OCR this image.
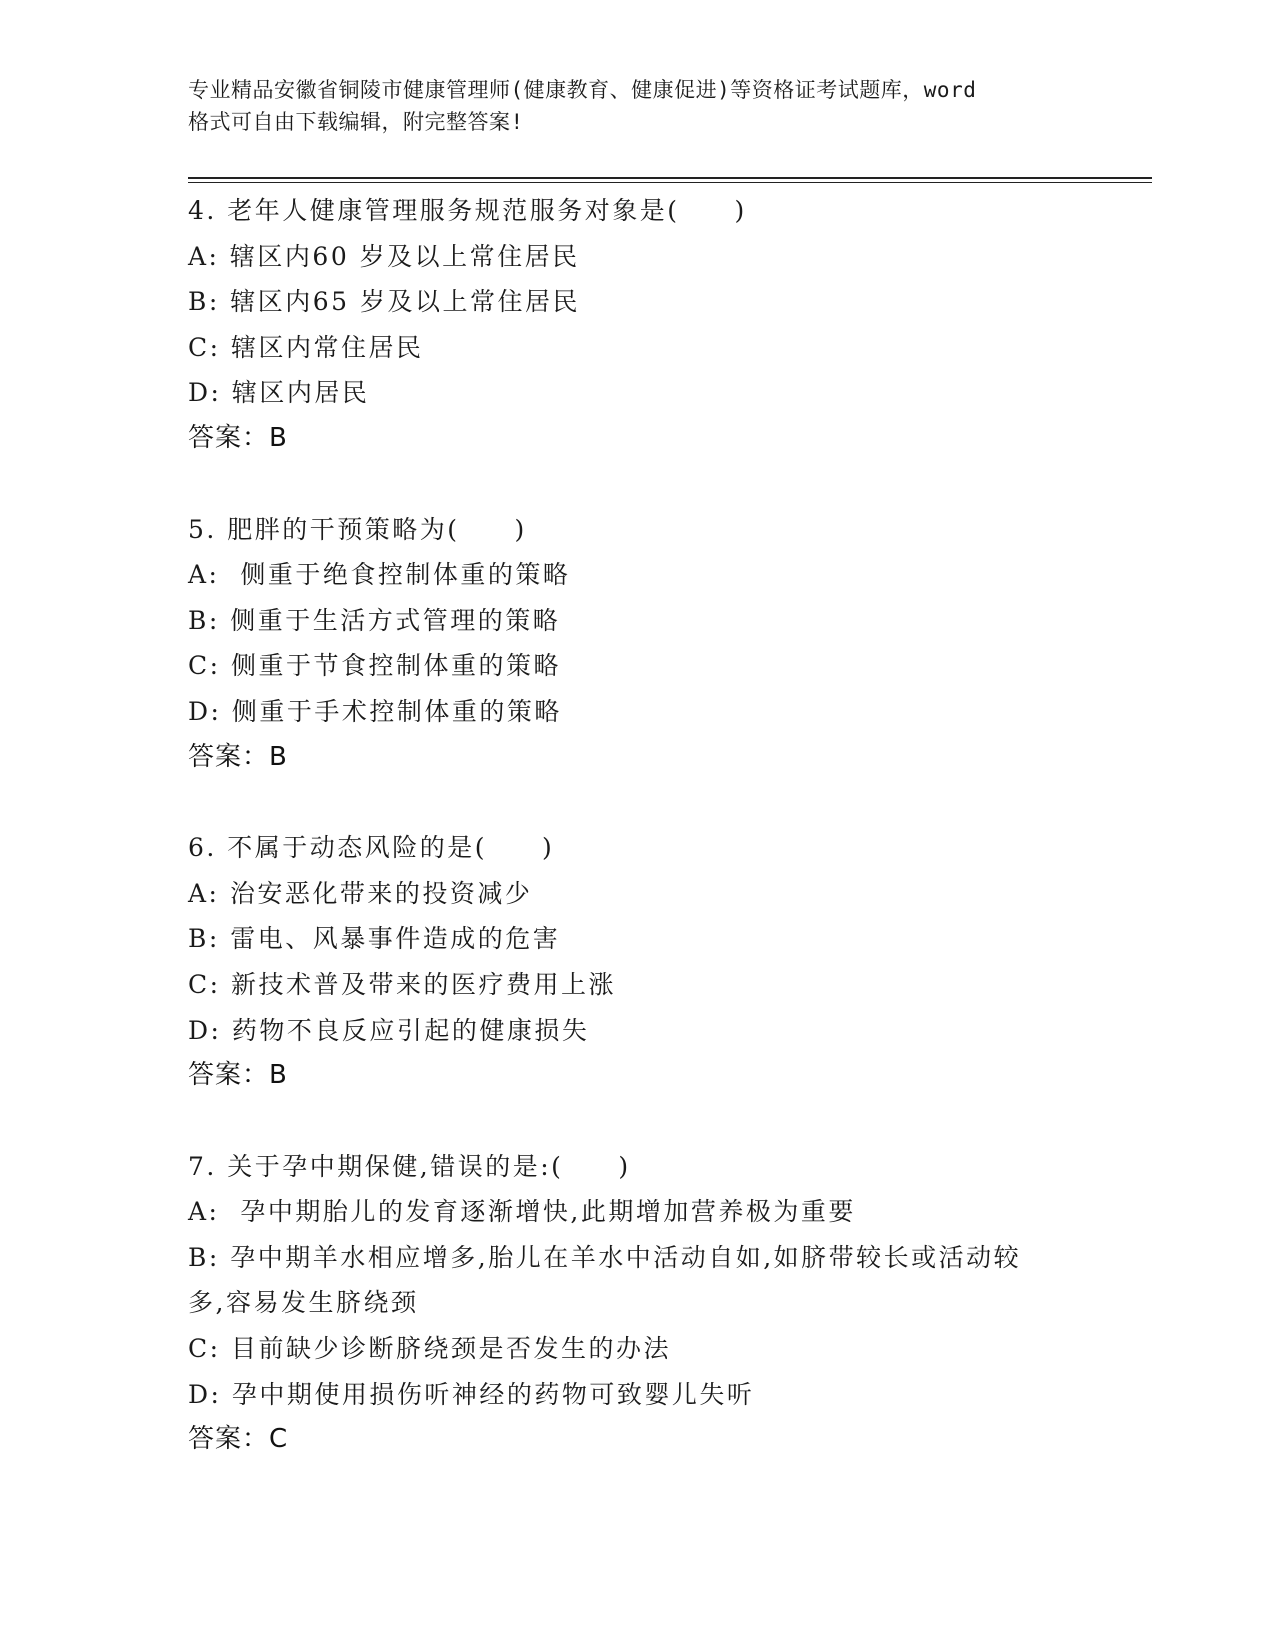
专业精品安徽省铜陵市健康管理师(健康教育、健康促进)等资格证考试题库，word
格式可自由下载编辑，附完整答案!
4. 老年人健康管理服务规范服务对象是(　　)
A: 辖区内60 岁及以上常住居民
B: 辖区内65 岁及以上常住居民
C: 辖区内常住居民
D: 辖区内居民
答案：B
5. 肥胖的干预策略为(　　)
A:  侧重于绝食控制体重的策略
B: 侧重于生活方式管理的策略
C: 侧重于节食控制体重的策略
D: 侧重于手术控制体重的策略
答案：B
6. 不属于动态风险的是(　　)
A: 治安恶化带来的投资减少
B: 雷电、风暴事件造成的危害
C: 新技术普及带来的医疗费用上涨
D: 药物不良反应引起的健康损失
答案：B
7. 关于孕中期保健,错误的是:(　　)
A:  孕中期胎儿的发育逐渐增快,此期增加营养极为重要
B: 孕中期羊水相应增多,胎儿在羊水中活动自如,如脐带较长或活动较
多,容易发生脐绕颈
C: 目前缺少诊断脐绕颈是否发生的办法
D: 孕中期使用损伤听神经的药物可致婴儿失听
答案：C
